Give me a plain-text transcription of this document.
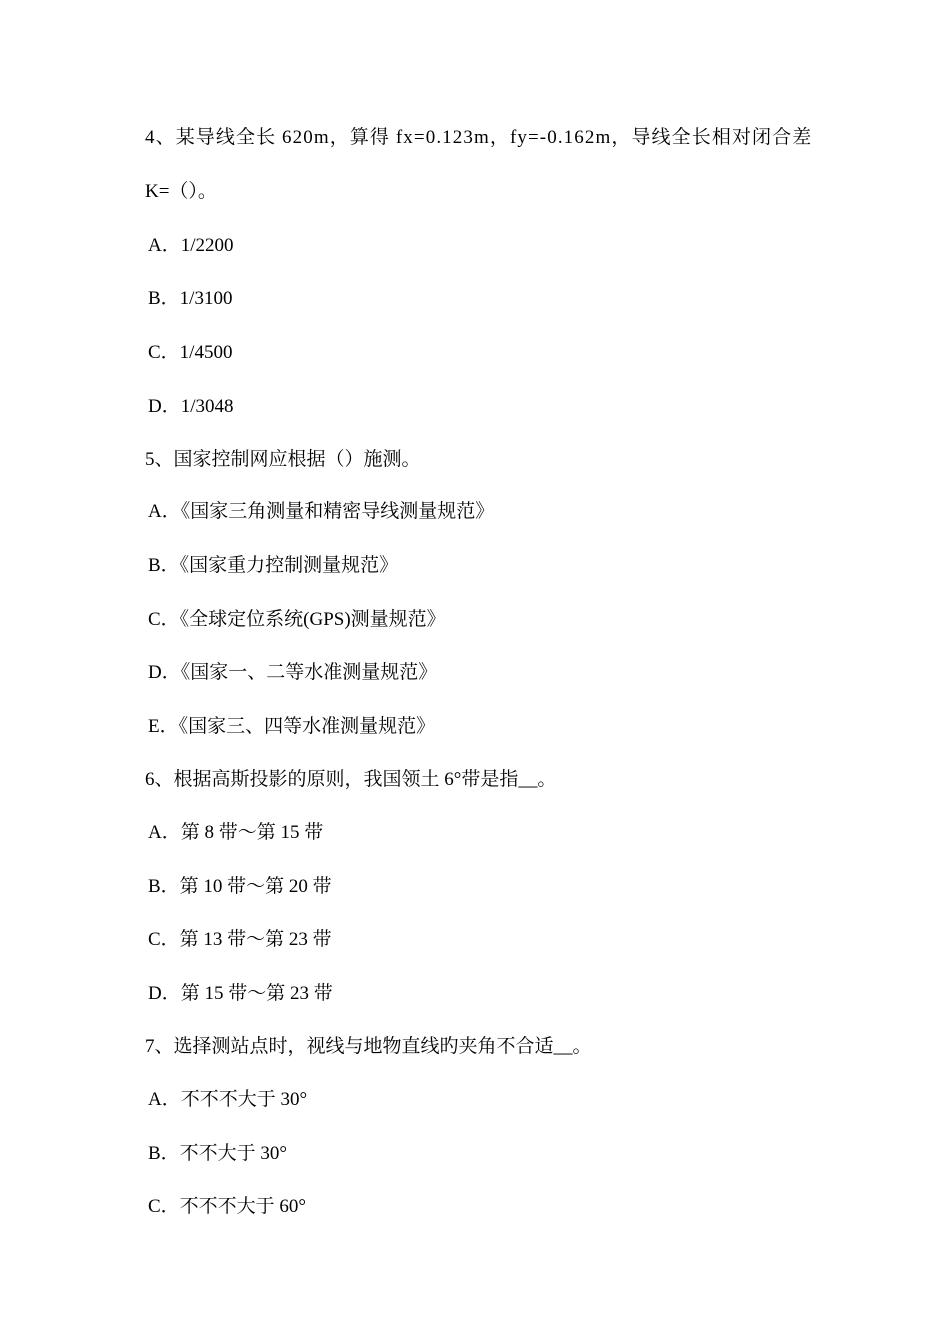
4、某导线全长 620m，算得 fx=0.123m，fy=-0.162m，导线全长相对闭合差
K=（）。
A．1/2200
B．1/3100
C．1/4500
D．1/3048
5、国家控制网应根据（）施测。
A．《国家三角测量和精密导线测量规范》
B．《国家重力控制测量规范》
C．《全球定位系统(GPS)测量规范》
D．《国家一、二等水准测量规范》
E．《国家三、四等水准测量规范》
6、根据高斯投影的原则，我国领土 6°带是指__。
A．第 8 带～第 15 带
B．第 10 带～第 20 带
C．第 13 带～第 23 带
D．第 15 带～第 23 带
7、选择测站点时，视线与地物直线旳夹角不合适__。
A．不不不大于 30°
B．不不大于 30°
C．不不不大于 60°
